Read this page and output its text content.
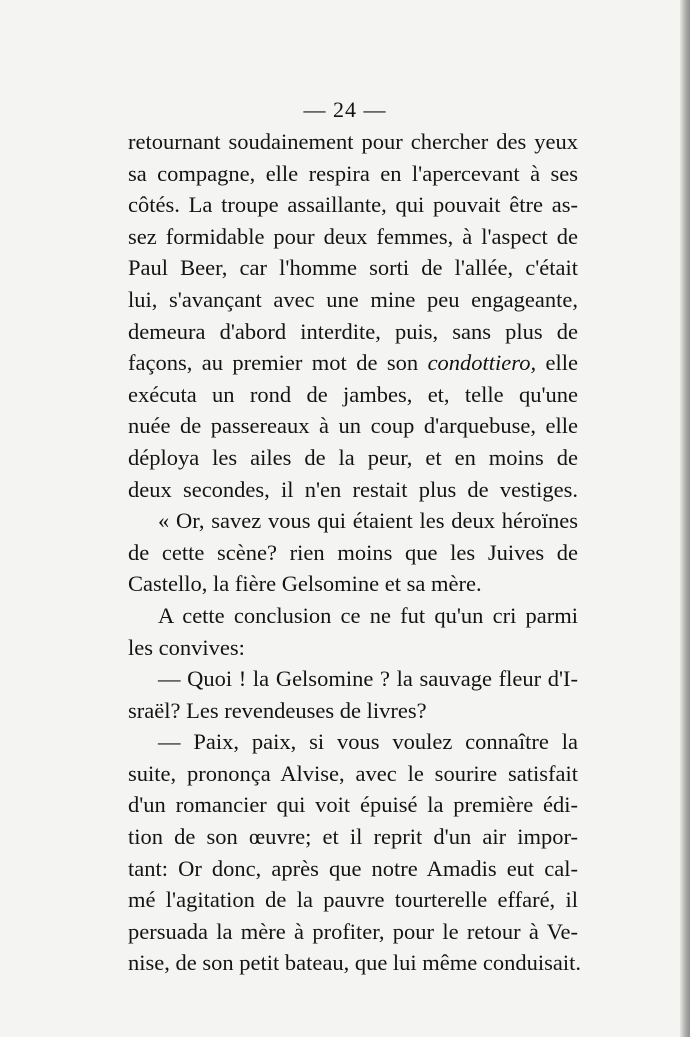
— 24 —
retournant soudainement pour chercher des yeux
sa compagne, elle respira en l'apercevant à ses
côtés. La troupe assaillante, qui pouvait être as-
sez formidable pour deux femmes, à l'aspect de
Paul Beer, car l'homme sorti de l'allée, c'était
lui, s'avançant avec une mine peu engageante,
demeura d'abord interdite, puis, sans plus de
façons, au premier mot de son condottiero, elle
exécuta un rond de jambes, et, telle qu'une
nuée de passereaux à un coup d'arquebuse, elle
déploya les ailes de la peur, et en moins de
deux secondes, il n'en restait plus de vestiges.
« Or, savez vous qui étaient les deux héroïnes
de cette scène? rien moins que les Juives de
Castello, la fière Gelsomine et sa mère.
A cette conclusion ce ne fut qu'un cri parmi
les convives:
— Quoi ! la Gelsomine ? la sauvage fleur d'I-
sraël? Les revendeuses de livres?
— Paix, paix, si vous voulez connaître la
suite, prononça Alvise, avec le sourire satisfait
d'un romancier qui voit épuisé la première édi-
tion de son œuvre; et il reprit d'un air impor-
tant: Or donc, après que notre Amadis eut cal-
mé l'agitation de la pauvre tourterelle effaré, il
persuada la mère à profiter, pour le retour à Ve-
nise, de son petit bateau, que lui même conduisait.
